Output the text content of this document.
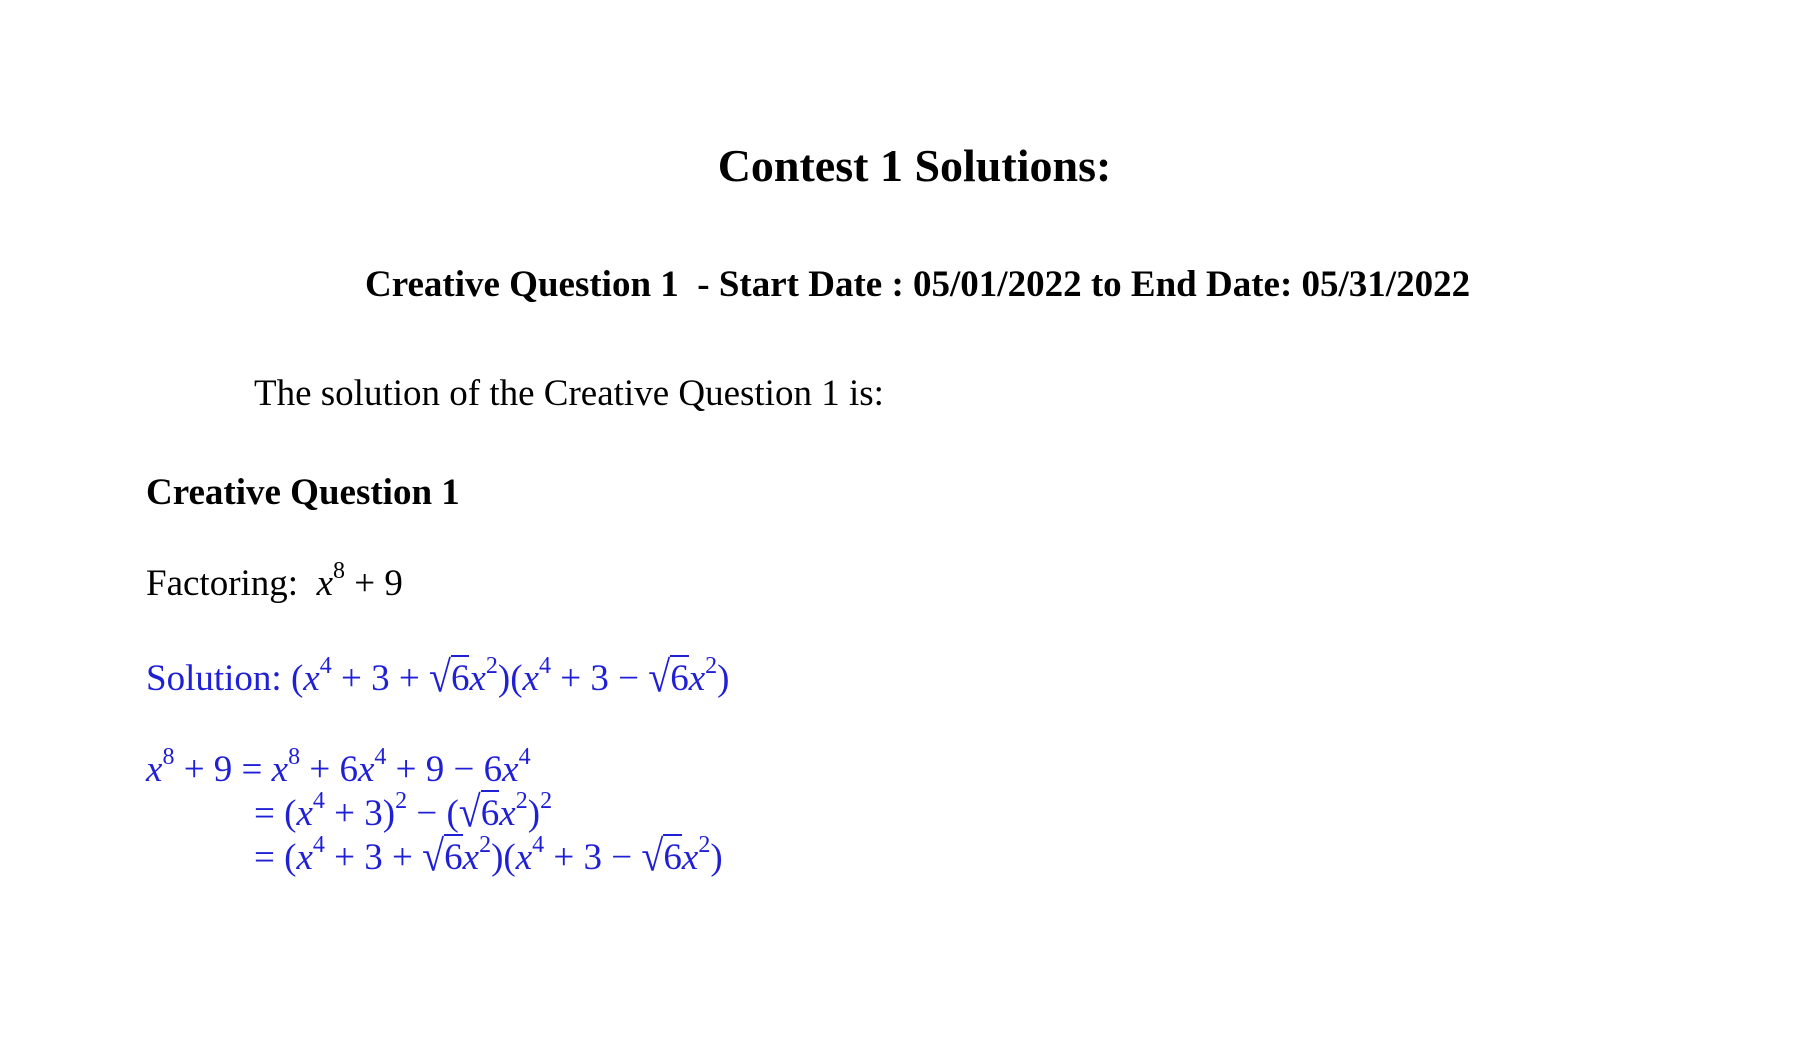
Contest 1 Solutions:
Creative Question 1  - Start Date : 05/01/2022 to End Date: 05/31/2022
The solution of the Creative Question 1 is:
Creative Question 1
Factoring: $x^8 + 9$
Solution: ($x^4 + 3$ + √ $6x^2)(x^4 + 3$ − √ $6x^2$)
$x^8 + 9 = x^8 + 6x^4 + 9 - 6x^4$
= $(x^4 + 3)^2$ − ( √ $6x^2)^2$
= ($x^4 + 3$ + √ $6x^2)(x^4 + 3$ − √ $6x^2$)
